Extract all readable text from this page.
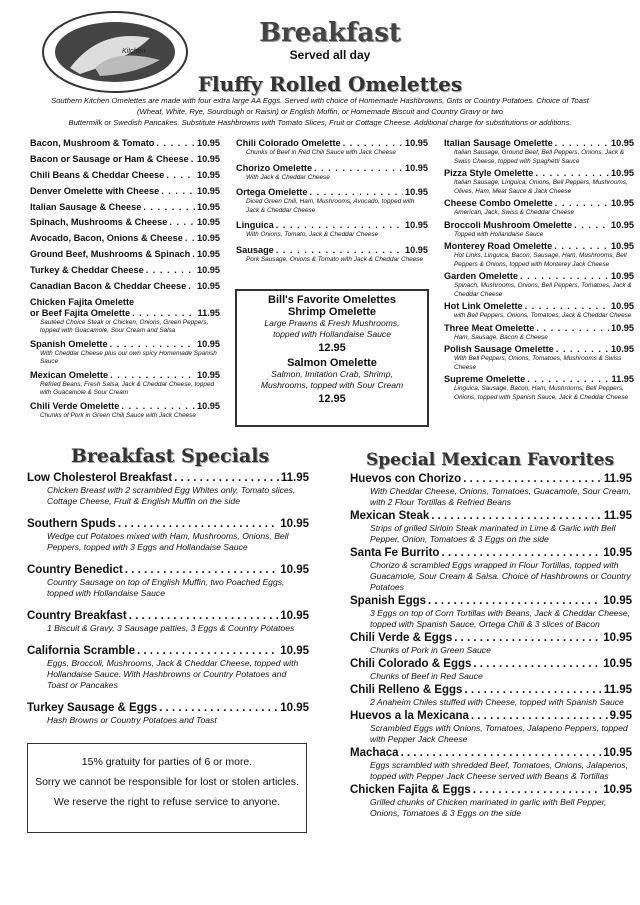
Kitchen
Breakfast
Served all day
Fluffy Rolled Omelettes
Southern Kitchen Omelettes are made with four extra large AA Eggs. Served with choice of Homemade Hashbrowns, Grits or Country Potatoes. Choice of Toast
(Wheat, White, Rye, Sourdough or Raisin) or English Muffin, or Homemade Biscuit and Country Gravy or two
Buttermilk or Swedish Pancakes. Substitute Hashbrowns with Tomato Slices, Fruit or Cottage Cheese. Additional charge for substitutions or additions.
Bacon, Mushroom & Tomato . . .	10.95
Bacon or Sausage or Ham & Cheese . . . 10.95
Chili Beans & Cheddar Cheese . . .	10.95
Denver Omelette with Cheese . . .	10.95
Italian Sausage & Cheese . . .	10.95
Spinach, Mushrooms & Cheese . . .	10.95
Avocado, Bacon, Onions & Cheese . . . 10.95
Ground Beef, Mushrooms & Spinach . . . 10.95
Turkey & Cheddar Cheese . . .	10.95
Canadian Bacon & Cheddar Cheese . . . 10.95
Chicken Fajita Omelette
or Beef Fajita Omelette . . .	11.95
Sautéed Choice Steak or Chicken, Onions, Green Peppers, topped with Guacamole, Sour Cream and Salsa
Spanish Omelette . . .	10.95
With Cheddar Cheese plus our own spicy Homemade Spanish Sauce
Mexican Omelette . . .	10.95
Refried Beans, Fresh Salsa, Jack & Cheddar Cheese, topped with Guacamole & Sour Cream
Chili Verde Omelette . . .	10.95
Chunks of Pork in Green Chili Sauce with Jack Cheese
Chili Colorado Omelette . . .	10.95
Chunks of Beef in Red Chili Sauce with Jack Cheese
Chorizo Omelette . . .	10.95
With Jack & Cheddar Cheese
Ortega Omelette . . .	10.95
Diced Green Chili, Ham, Mushrooms, Avocado, topped with Jack & Cheddar Cheese
Linguica . . .	10.95
With Onions, Tomato, Jack & Cheddar Cheese
Sausage . . .	10.95
Pork Sausage, Onions & Tomato with Jack & Cheddar Cheese
Italian Sausage Omelette . . .	10.95
Italian Sausage, Ground Beef, Bell Peppers, Onions, Jack & Swiss Cheese, topped with Spaghetti Sauce
Pizza Style Omelette . . .	10.95
Italian Sausage, Linguica, Onions, Bell Peppers, Mushrooms, Olives, Ham, Meat Sauce & Jack Cheese
Cheese Combo Omelette . . .	10.95
American, Jack, Swiss & Cheddar Cheese
Broccoli Mushroom Omelette . . .	10.95
Topped with Hollandaise Sauce
Monterey Road Omelette . . .	10.95
Hot Links, Linguica, Bacon, Sausage, Ham, Mushrooms, Bell Peppers & Onions, topped with Monterey Jack Cheese
Garden Omelette . . .	10.95
Spinach, Mushrooms, Onions, Bell Peppers, Tomatoes, Jack & Cheddar Cheese
Hot Link Omelette . . .	10.95
with Bell Peppers, Onions, Tomatoes, Jack & Cheddar Cheese
Three Meat Omelette . . .	10.95
Ham, Sausage, Bacon & Cheese
Polish Sausage Omelette . . .	10.95
With Bell Peppers, Onions, Tomatoes, Mushrooms & Swiss Cheese
Supreme Omelette . . .	11.95
Linguica, Sausage, Bacon, Ham, Mushrooms, Bell Peppers, Onions, topped with Spanish Sauce, Jack & Cheddar Cheese
Bill's Favorite Omelettes
Shrimp Omelette
Large Prawns & Fresh Mushrooms, topped with Hollandaise Sauce
12.95
Salmon Omelette
Salmon, Imitation Crab, Shrimp, Mushrooms, topped with Sour Cream
12.95
Breakfast Specials
Low Cholesterol Breakfast . . .	11.95
Chicken Breast with 2 scrambled Egg Whites only, Tomato slices, Cottage Cheese, Fruit & English Muffin on the side
Southern Spuds . . .	10.95
Wedge cut Potatoes mixed with Ham, Mushrooms, Onions, Bell Peppers, topped with 3 Eggs and Hollandaise Sauce
Country Benedict . . .	10.95
Country Sausage on top of English Muffin, two Poached Eggs, topped with Hollandaise Sauce
Country Breakfast . . .	10.95
1 Biscuit & Gravy, 3 Sausage patties, 3 Eggs & Country Potatoes
California Scramble . . .	10.95
Eggs, Broccoli, Mushrooms, Jack & Cheddar Cheese, topped with Hollandaise Sauce. With Hashbrowns or Country Potatoes and Toast or Pancakes
Turkey Sausage & Eggs . . .	10.95
Hash Browns or Country Potatoes and Toast
15% gratuity for parties of 6 or more.
Sorry we cannot be responsible for lost or stolen articles.
We reserve the right to refuse service to anyone.
Special Mexican Favorites
Huevos con Chorizo . . .	11.95
With Cheddar Cheese, Onions, Tomatoes, Guacamole, Sour Cream, with 2 Flour Tortillas & Refried Beans
Mexican Steak . . .	11.95
Strips of grilled Sirloin Steak marinated in Lime & Garlic with Bell Pepper, Onion, Tomatoes & 3 Eggs on the side
Santa Fe Burrito . . .	10.95
Chorizo & scrambled Eggs wrapped in Flour Tortillas, topped with Guacamole, Sour Cream & Salsa. Choice of Hashbrowns or Country Potatoes
Spanish Eggs . . .	10.95
3 Eggs on top of Corn Tortillas with Beans, Jack & Cheddar Cheese, topped with Spanish Sauce, Ortega Chili & 3 slices of Bacon
Chili Verde & Eggs . . .	10.95
Chunks of Pork in Green Sauce
Chili Colorado & Eggs . . .	10.95
Chunks of Beef in Red Sauce
Chili Relleno & Eggs . . .	11.95
2 Anaheim Chiles stuffed with Cheese, topped with Spanish Sauce
Huevos a la Mexicana . . .	9.95
Scrambled Eggs with Onions, Tomatoes, Jalapeno Peppers, topped with Pepper Jack Cheese
Machaca . . .	10.95
Eggs scrambled with shredded Beef, Tomatoes, Onions, Jalapenos, topped with Pepper Jack Cheese served with Beans & Tortillas
Chicken Fajita & Eggs . . .	10.95
Grilled chunks of Chicken marinated in garlic with Bell Pepper, Onions, Tomatoes & 3 Eggs on the side
